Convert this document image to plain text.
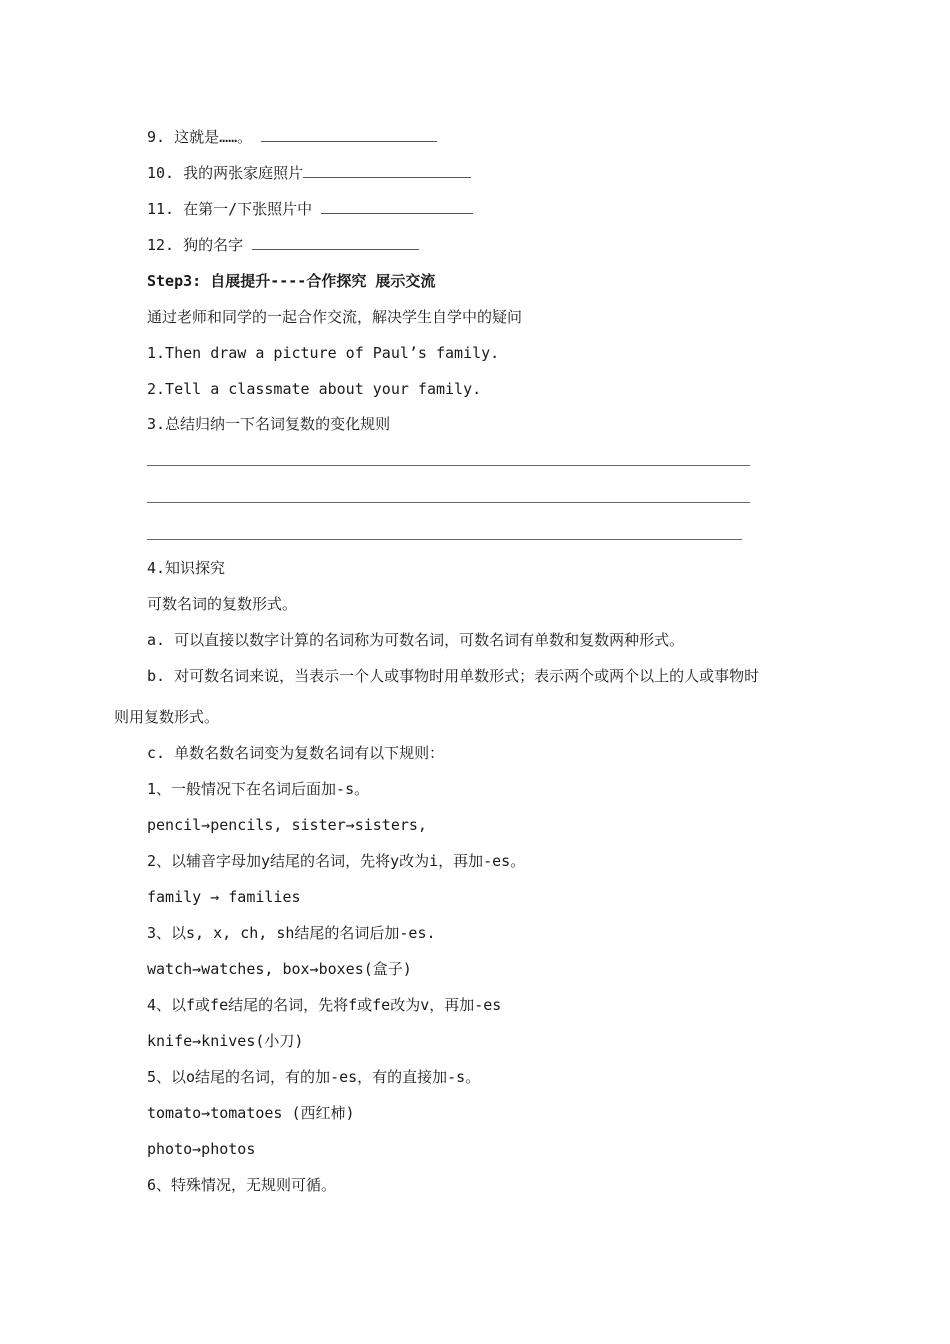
9. 这就是……。
10. 我的两张家庭照片
11. 在第一/下张照片中
12. 狗的名字
Step3: 自展提升----合作探究 展示交流
通过老师和同学的一起合作交流，解决学生自学中的疑问
1.Then draw a picture of Paul’s family.
2.Tell a classmate about your family.
3.总结归纳一下名词复数的变化规则
4.知识探究
可数名词的复数形式。
a. 可以直接以数字计算的名词称为可数名词，可数名词有单数和复数两种形式。
b. 对可数名词来说，当表示一个人或事物时用单数形式；表示两个或两个以上的人或事物时
则用复数形式。
c. 单数名数名词变为复数名词有以下规则：
1、一般情况下在名词后面加-s。
pencil→pencils, sister→sisters,
2、以辅音字母加y结尾的名词，先将y改为i，再加-es。
family → families
3、以s, x, ch, sh结尾的名词后加-es.
watch→watches, box→boxes(盒子)
4、以f或fe结尾的名词，先将f或fe改为v，再加-es
knife→knives(小刀)
5、以o结尾的名词，有的加-es，有的直接加-s。
tomato→tomatoes (西红柿)
photo→photos
6、特殊情况，无规则可循。
